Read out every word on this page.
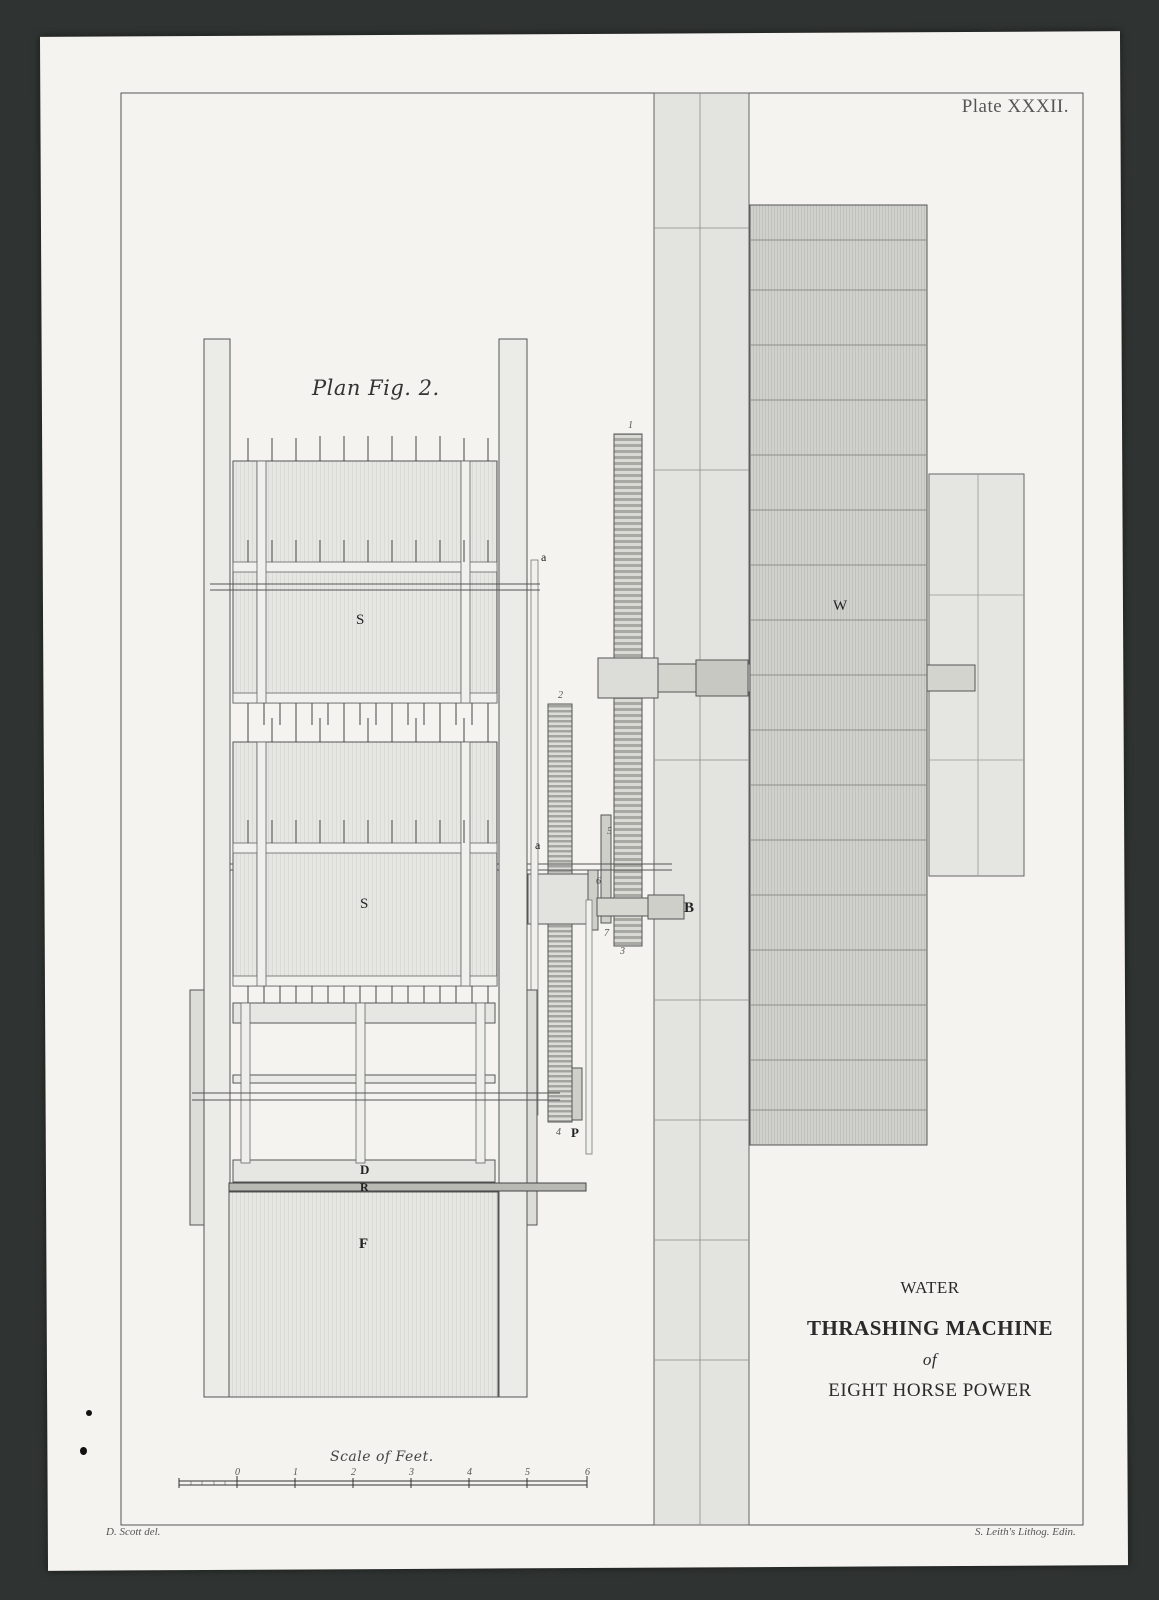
Plate XXXII.
Plan Fig. 2.
S
S
W
F
D
R
B
P
a
a
1
2
3
4
5
6
7
WATER
THRASHING MACHINE
of
EIGHT HORSE POWER
Scale of Feet.
0	1	2	3	4	5	6
D. Scott del.	S. Leith's Lithog. Edin.
